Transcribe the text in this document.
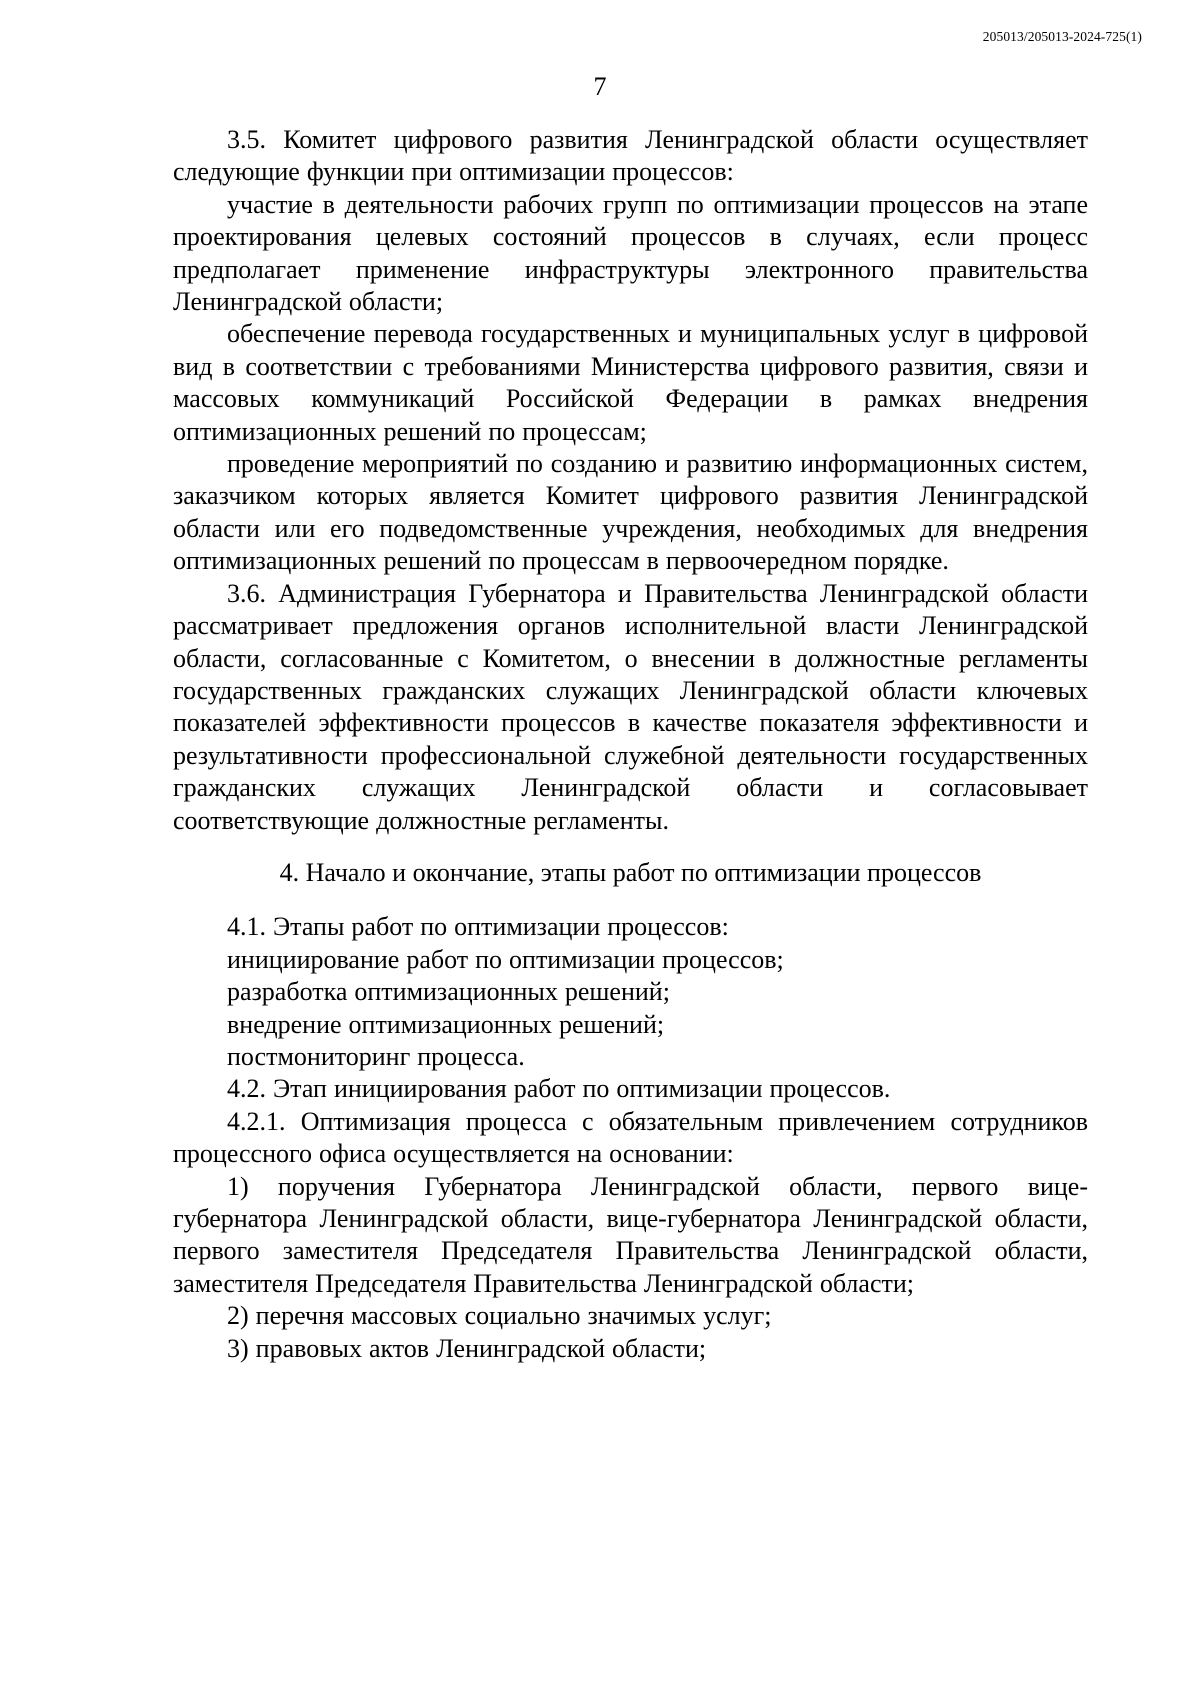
205013/205013-2024-725(1)
7

3.5. Комитет цифрового развития Ленинградской области осуществляет следующие функции при оптимизации процессов:

участие в деятельности рабочих групп по оптимизации процессов на этапе проектирования целевых состояний процессов в случаях, если процесс предполагает применение инфраструктуры электронного правительства Ленинградской области;

обеспечение перевода государственных и муниципальных услуг в цифровой вид в соответствии с требованиями Министерства цифрового развития, связи и массовых коммуникаций Российской Федерации в рамках внедрения оптимизационных решений по процессам;

проведение мероприятий по созданию и развитию информационных систем, заказчиком которых является Комитет цифрового развития Ленинградской области или его подведомственные учреждения, необходимых для внедрения оптимизационных решений по процессам в первоочередном порядке.

3.6. Администрация Губернатора и Правительства Ленинградской области рассматривает предложения органов исполнительной власти Ленинградской области, согласованные с Комитетом, о внесении в должностные регламенты государственных гражданских служащих Ленинградской области ключевых показателей эффективности процессов в качестве показателя эффективности и результативности профессиональной служебной деятельности государственных гражданских служащих Ленинградской области и согласовывает соответствующие должностные регламенты.

4. Начало и окончание, этапы работ по оптимизации процессов

4.1. Этапы работ по оптимизации процессов:

инициирование работ по оптимизации процессов;

разработка оптимизационных решений;

внедрение оптимизационных решений;

постмониторинг процесса.

4.2. Этап инициирования работ по оптимизации процессов.

4.2.1. Оптимизация процесса с обязательным привлечением сотрудников процессного офиса осуществляется на основании:

1) поручения Губернатора Ленинградской области, первого вице-губернатора Ленинградской области, вице-губернатора Ленинградской области, первого заместителя Председателя Правительства Ленинградской области, заместителя Председателя Правительства Ленинградской области;

2) перечня массовых социально значимых услуг;

3) правовых актов Ленинградской области;
